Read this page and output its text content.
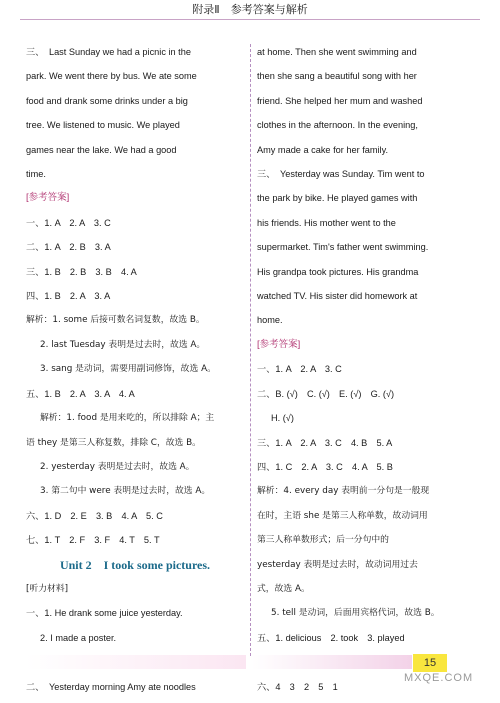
附录Ⅱ　参考答案与解析
三、　Last Sunday we had a picnic in the
park. We went there by bus. We ate some
food and drank some drinks under a big
tree. We listened to music. We played
games near the lake. We had a good
time.
[参考答案]
一、1. A　2. A　3. C
二、1. A　2. B　3. A
三、1. B　2. B　3. B　4. A
四、1. B　2. A　3. A
解析：1. some 后接可数名词复数，故选 B。
2. last Tuesday 表明是过去时，故选 A。
3. sang 是动词，需要用副词修饰，故选 A。
五、1. B　2. A　3. A　4. A
解析：1. food 是用来吃的，所以排除 A；主
语 they 是第三人称复数，排除 C，故选 B。
2. yesterday 表明是过去时，故选 A。
3. 第二句中 were 表明是过去时，故选 A。
六、1. D　2. E　3. B　4. A　5. C
七、1. T　2. F　3. F　4. T　5. T
Unit 2　I took some pictures.
[听力材料]
一、1. He drank some juice yesterday.
2. I made a poster.
二、　Yesterday morning Amy ate noodles
at home. Then she went swimming and
then she sang a beautiful song with her
friend. She helped her mum and washed
clothes in the afternoon. In the evening,
Amy made a cake for her family.
三、　Yesterday was Sunday. Tim went to
the park by bike. He played games with
his friends. His mother went to the
supermarket. Tim's father went swimming.
His grandpa took pictures. His grandma
watched TV. His sister did homework at
home.
[参考答案]
一、1. A　2. A　3. C
二、B. (√)　C. (√)　E. (√)　G. (√)
H. (√)
三、1. A　2. A　3. C　4. B　5. A
四、1. C　2. A　3. C　4. A　5. B
解析：4. every day 表明前一分句是一般现
在时，主语 she 是第三人称单数，故动词用
第三人称单数形式；后一分句中的
yesterday 表明是过去时，故动词用过去
式，故选 A。
5. tell 是动词，后面用宾格代词，故选 B。
五、1. delicious　2. took　3. played
六、4　3　2　5　1
15
MXQE.COM
